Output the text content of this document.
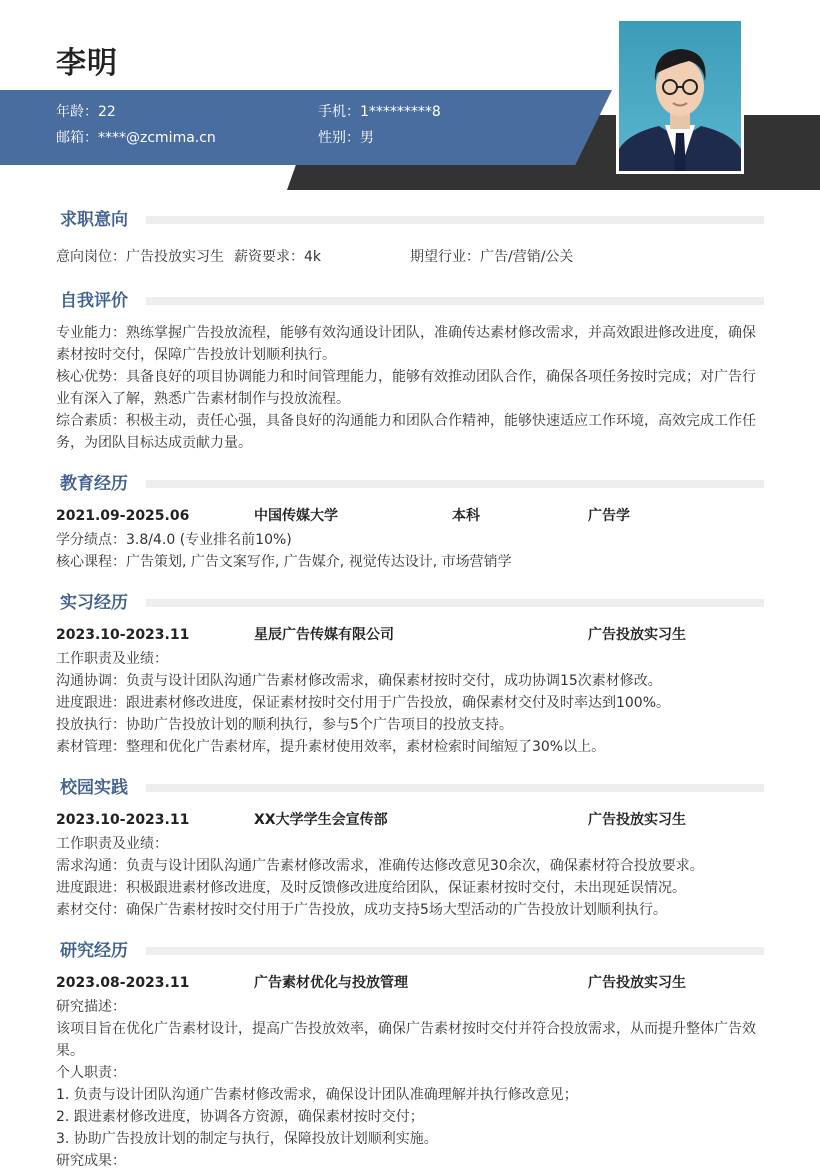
李明
年龄：22	手机：1*********8
邮箱：****@zcmima.cn	性别：男
求职意向
意向岗位：广告投放实习生 薪资要求：4k	期望行业：广告/营销/公关
自我评价
专业能力：熟练掌握广告投放流程，能够有效沟通设计团队，准确传达素材修改需求，并高效跟进修改进度，确保素材按时交付，保障广告投放计划顺利执行。
核心优势：具备良好的项目协调能力和时间管理能力，能够有效推动团队合作，确保各项任务按时完成；对广告行业有深入了解，熟悉广告素材制作与投放流程。
综合素质：积极主动，责任心强，具备良好的沟通能力和团队合作精神，能够快速适应工作环境，高效完成工作任务，为团队目标达成贡献力量。
教育经历
2021.09-2025.06	中国传媒大学	本科	广告学
学分绩点：3.8/4.0 (专业排名前10%)
核心课程：广告策划, 广告文案写作, 广告媒介, 视觉传达设计, 市场营销学
实习经历
2023.10-2023.11	星辰广告传媒有限公司	广告投放实习生
工作职责及业绩：
沟通协调：负责与设计团队沟通广告素材修改需求，确保素材按时交付，成功协调15次素材修改。
进度跟进：跟进素材修改进度，保证素材按时交付用于广告投放，确保素材交付及时率达到100%。
投放执行：协助广告投放计划的顺利执行，参与5个广告项目的投放支持。
素材管理：整理和优化广告素材库，提升素材使用效率，素材检索时间缩短了30%以上。
校园实践
2023.10-2023.11	XX大学学生会宣传部	广告投放实习生
工作职责及业绩：
需求沟通：负责与设计团队沟通广告素材修改需求，准确传达修改意见30余次，确保素材符合投放要求。
进度跟进：积极跟进素材修改进度，及时反馈修改进度给团队，保证素材按时交付，未出现延误情况。
素材交付：确保广告素材按时交付用于广告投放，成功支持5场大型活动的广告投放计划顺利执行。
研究经历
2023.08-2023.11	广告素材优化与投放管理	广告投放实习生
研究描述：
该项目旨在优化广告素材设计，提高广告投放效率，确保广告素材按时交付并符合投放需求，从而提升整体广告效果。
个人职责：
1. 负责与设计团队沟通广告素材修改需求，确保设计团队准确理解并执行修改意见；
2. 跟进素材修改进度，协调各方资源，确保素材按时交付；
3. 协助广告投放计划的制定与执行，保障投放计划顺利实施。
研究成果：
